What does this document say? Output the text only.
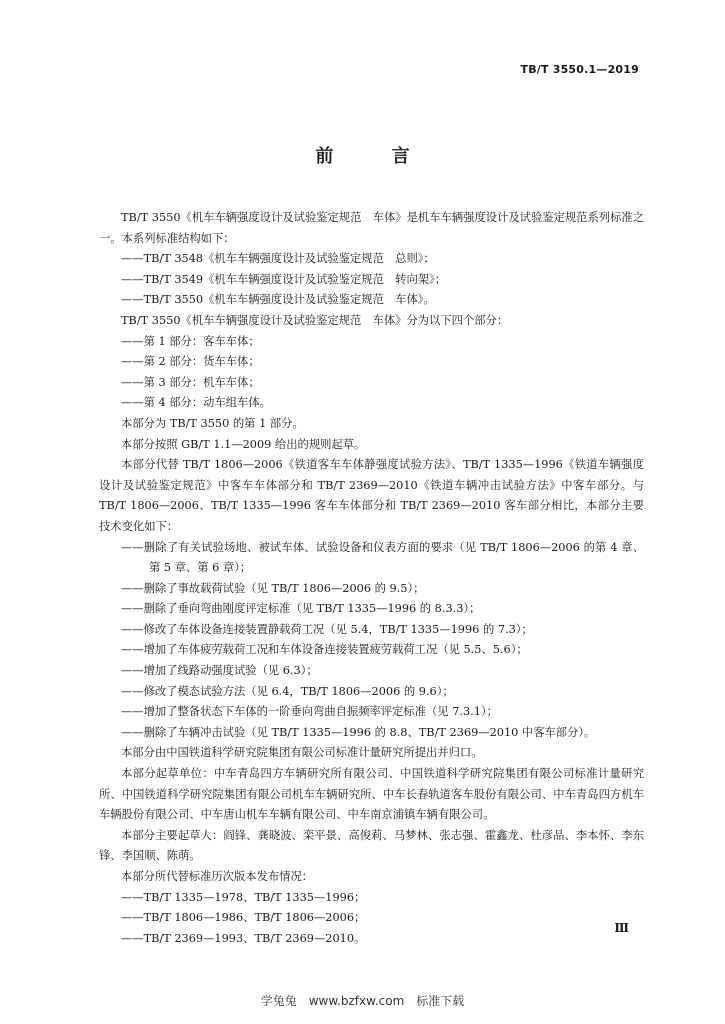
TB/T 3550.1—2019
前 言

TB/T 3550《机车车辆强度设计及试验鉴定规范　车体》是机车车辆强度设计及试验鉴定规范系列标准之一。本系列标准结构如下：

——TB/T 3548《机车车辆强度设计及试验鉴定规范　总则》；

——TB/T 3549《机车车辆强度设计及试验鉴定规范　转向架》；

——TB/T 3550《机车车辆强度设计及试验鉴定规范　车体》。

TB/T 3550《机车车辆强度设计及试验鉴定规范　车体》分为以下四个部分：

——第 1 部分：客车车体；

——第 2 部分：货车车体；

——第 3 部分：机车车体；

——第 4 部分：动车组车体。

本部分为 TB/T 3550 的第 1 部分。

本部分按照 GB/T 1.1—2009 给出的规则起草。

本部分代替 TB/T 1806—2006《铁道客车车体静强度试验方法》、TB/T 1335—1996《铁道车辆强度设计及试验鉴定规范》中客车车体部分和 TB/T 2369—2010《铁道车辆冲击试验方法》中客车部分。与 TB/T 1806—2006、TB/T 1335—1996 客车车体部分和 TB/T 2369—2010 客车部分相比，本部分主要技术变化如下：

——删除了有关试验场地、被试车体、试验设备和仪表方面的要求（见 TB/T 1806—2006 的第 4 章、第 5 章、第 6 章）；

——删除了事故载荷试验（见 TB/T 1806—2006 的 9.5）；

——删除了垂向弯曲刚度评定标准（见 TB/T 1335—1996 的 8.3.3）；

——修改了车体设备连接装置静载荷工况（见 5.4，TB/T 1335—1996 的 7.3）；

——增加了车体疲劳载荷工况和车体设备连接装置疲劳载荷工况（见 5.5、5.6）；

——增加了线路动强度试验（见 6.3）；

——修改了模态试验方法（见 6.4，TB/T 1806—2006 的 9.6）；

——增加了整备状态下车体的一阶垂向弯曲自振频率评定标准（见 7.3.1）；

——删除了车辆冲击试验（见 TB/T 1335—1996 的 8.8、TB/T 2369—2010 中客车部分）。

本部分由中国铁道科学研究院集团有限公司标准计量研究所提出并归口。

本部分起草单位：中车青岛四方车辆研究所有限公司、中国铁道科学研究院集团有限公司标准计量研究所、中国铁道科学研究院集团有限公司机车车辆研究所、中车长春轨道客车股份有限公司、中车青岛四方机车车辆股份有限公司、中车唐山机车车辆有限公司、中车南京浦镇车辆有限公司。

本部分主要起草人：阎锋、龚晓波、栾平景、高俊莉、马梦林、张志强、霍鑫龙、杜彦品、李本怀、李东锋、李国顺、陈萌。

本部分所代替标准历次版本发布情况：

——TB/T 1335—1978、TB/T 1335—1996；

——TB/T 1806—1986、TB/T 1806—2006；

——TB/T 2369—1993、TB/T 2369—2010。

Ⅲ
学兔兔　www.bzfxw.com　标准下载
